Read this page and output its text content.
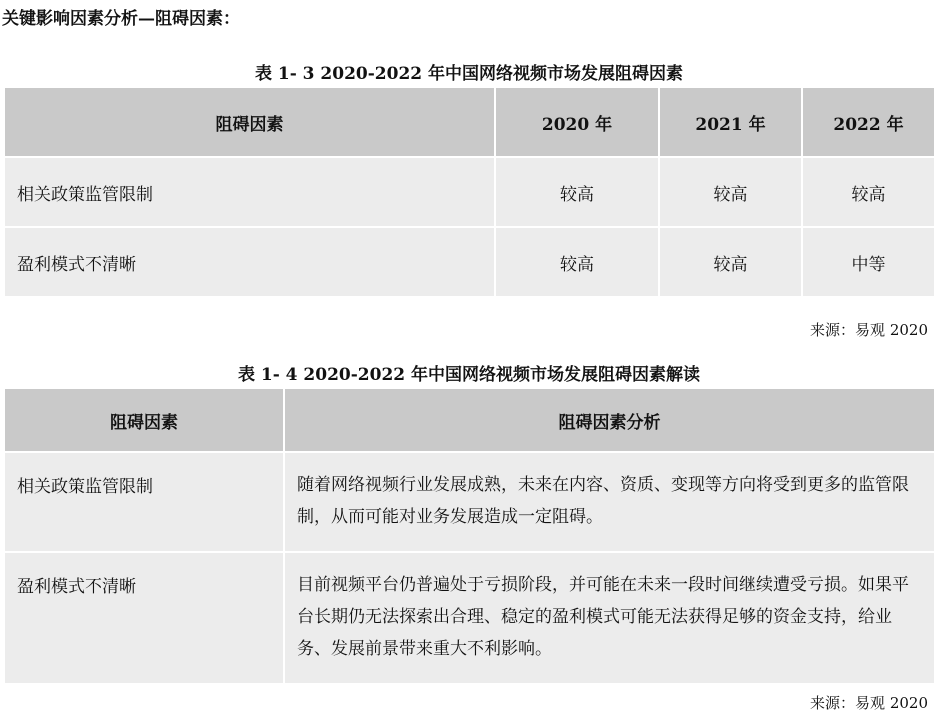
关键影响因素分析—阻碍因素：
表 1- 3 2020-2022 年中国网络视频市场发展阻碍因素
阻碍因素	2020 年	2021 年	2022 年
相关政策监管限制	较高	较高	较高
盈利模式不清晰	较高	较高	中等
来源：易观 2020
表 1- 4 2020-2022 年中国网络视频市场发展阻碍因素解读
阻碍因素	阻碍因素分析
相关政策监管限制	随着网络视频行业发展成熟，未来在内容、资质、变现等方向将受到更多的监管限制，从而可能对业务发展造成一定阻碍。
盈利模式不清晰	目前视频平台仍普遍处于亏损阶段，并可能在未来一段时间继续遭受亏损。如果平台长期仍无法探索出合理、稳定的盈利模式可能无法获得足够的资金支持，给业务、发展前景带来重大不利影响。
来源：易观 2020
